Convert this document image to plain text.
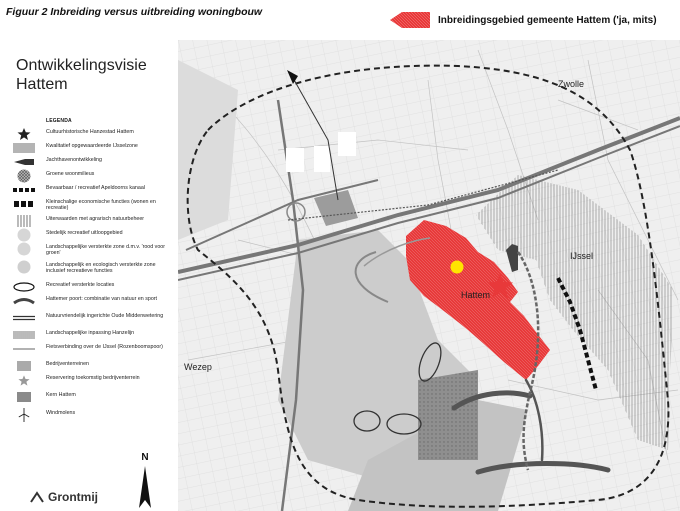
Figuur 2 Inbreiding versus uitbreiding woningbouw
Inbreidingsgebied gemeente Hattem ('ja, mits)
Ontwikkelingsvisie Hattem
LEGENDA
Cultuurhistorische Hanzestad Hattem
Kwalitatief opgewaardeerde IJsselzone
Jachthavenontwikkeling
Groene woonmilieus
Bevaarbaar / recreatief Apeldoorns kanaal
Kleinschalige economische functies (wonen en recreatie)
Uiterwaarden met agrarisch natuurbeheer
Stedelijk recreatief uitloopgebied
Landschappelijke versterkte zone d.m.v. 'rood voor groen'
Landschappelijk en ecologisch versterkte zone inclusief recreatieve functies
Recreatief versterkte locaties
Hattemer poort: combinatie van natuur en sport
Natuurvriendelijk ingerichte Oude Middenwetering
Landschappelijke inpassing Hanzelijn
Fietsverbinding over de IJssel (Rozenboomspoor)
Bedrijventerreinen
Reservering toekomstig bedrijventerrein
Kern Hattem
Windmolens
Grontmij
Zwolle
IJssel
Hattem
Wezep
N
